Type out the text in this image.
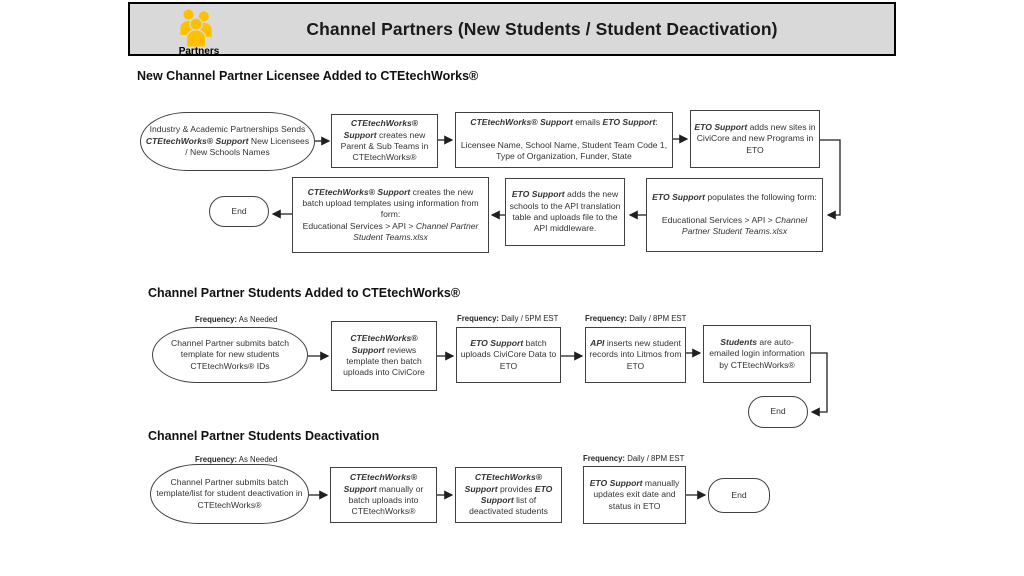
Partners
Channel Partners (New Students / Student Deactivation)
New Channel Partner Licensee Added to CTEtechWorks®
Channel Partner Students Added to CTEtechWorks®
Channel Partner Students Deactivation
Frequency: As Needed	Frequency: Daily / 5PM EST	Frequency: Daily / 8PM EST
Frequency: As Needed	Frequency: Daily / 8PM EST
Industry & Academic Partnerships Sends CTEtechWorks® Support New Licensees / New Schools Names
CTEtechWorks® Support creates new Parent & Sub Teams in CTEtechWorks®
CTEtechWorks® Support emails ETO Support:

Licensee Name, School Name, Student Team Code 1, Type of Organization, Funder, State
ETO Support adds new sites in CiviCore and new Programs in ETO
ETO Support populates the following form:

Educational Services > API > Channel Partner Student Teams.xlsx
ETO Support adds the new schools to the API translation table and uploads file to the API middleware.
CTEtechWorks® Support creates the new batch upload templates using information from form:
Educational Services > API > Channel Partner Student Teams.xlsx
End
Channel Partner submits batch template for new students CTEtechWorks® IDs
CTEtechWorks® Support reviews template then batch uploads into CiviCore
ETO Support batch uploads CiviCore Data to ETO
API inserts new student records into Litmos from ETO
Students are auto-emailed login information by CTEtechWorks®
End
Channel Partner submits batch template/list for student deactivation in CTEtechWorks®
CTEtechWorks® Support manually or batch uploads into CTEtechWorks®
CTEtechWorks® Support provides ETO Support list of deactivated students
ETO Support manually updates exit date and status in ETO
End
